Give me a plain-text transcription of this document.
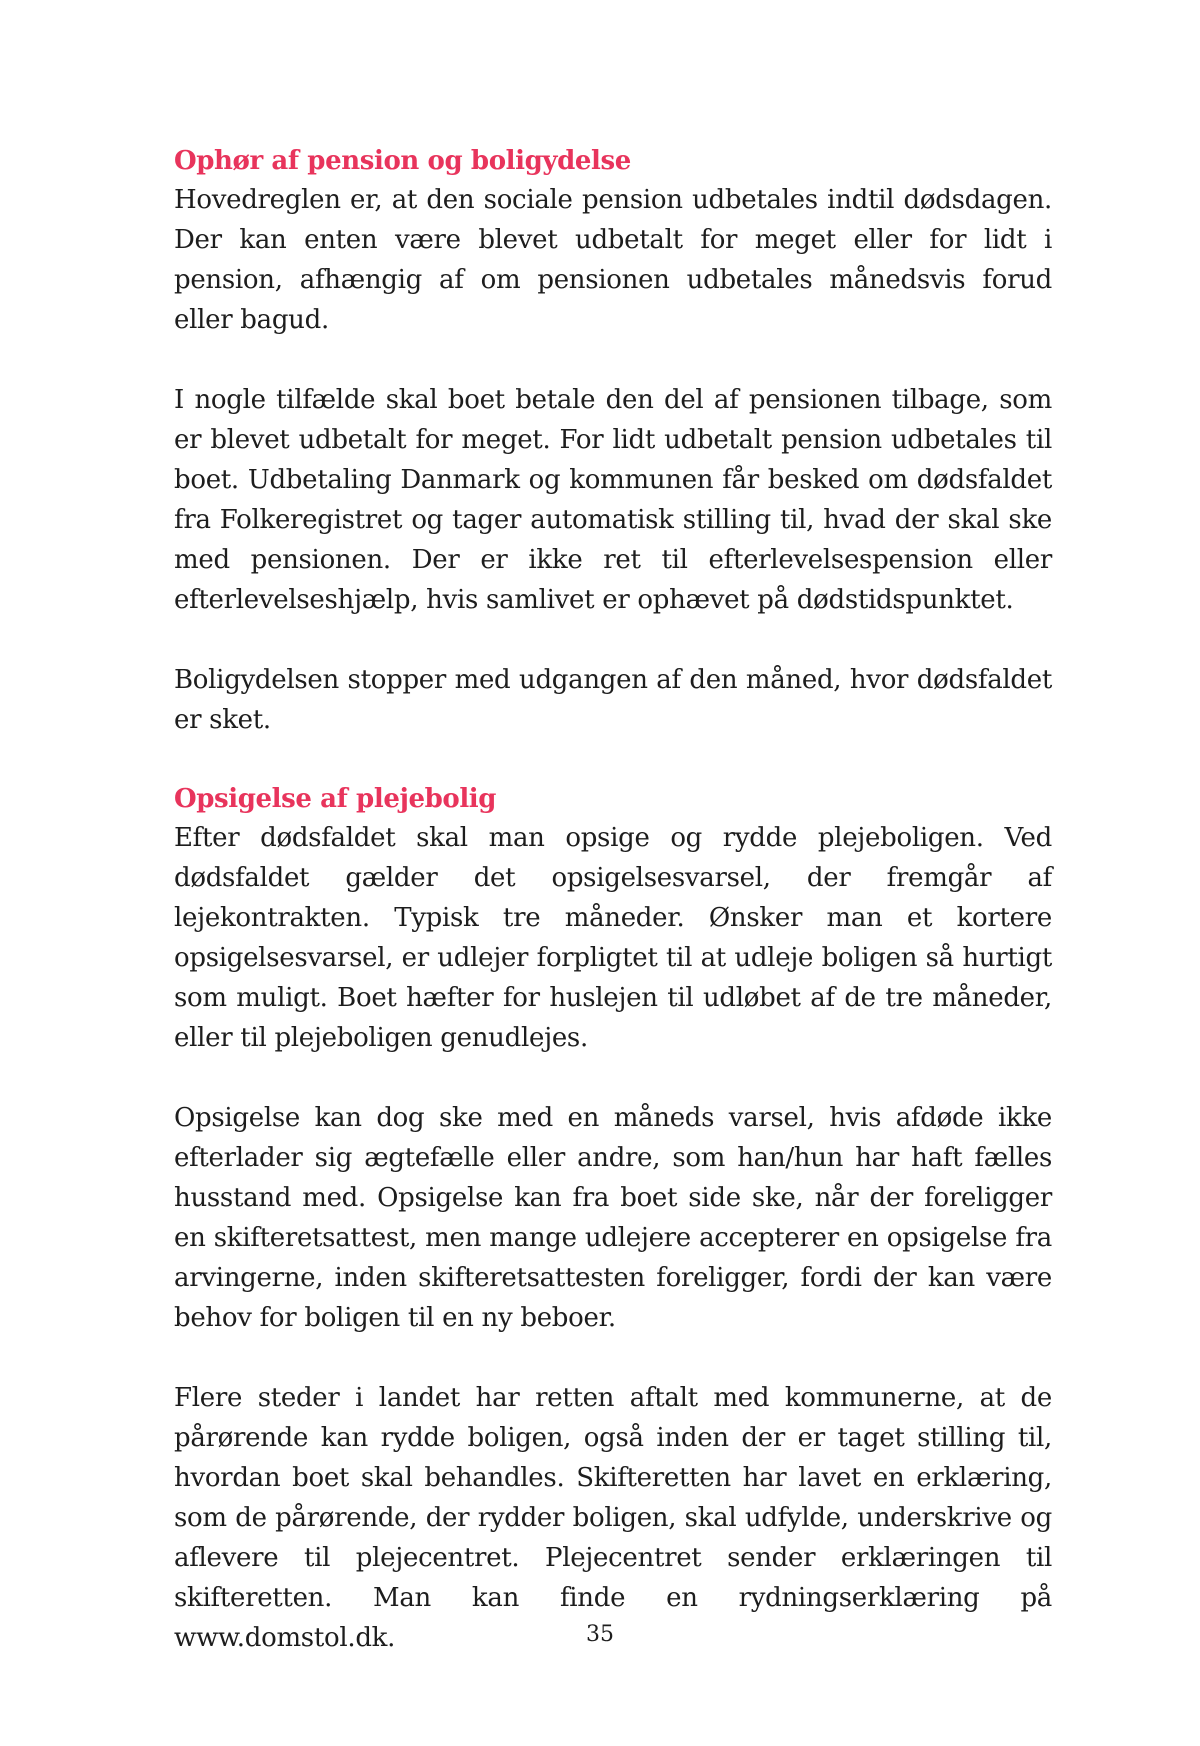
Ophør af pension og boligydelse

Hovedreglen er, at den sociale pension udbetales indtil dødsdagen. Der kan enten være blevet udbetalt for meget eller for lidt i pension, afhængig af om pensionen udbetales månedsvis forud eller bagud.

I nogle tilfælde skal boet betale den del af pensionen tilbage, som er blevet udbetalt for meget. For lidt udbetalt pension udbetales til boet. Udbetaling Danmark og kommunen får besked om dødsfaldet fra Folkeregistret og tager automatisk stilling til, hvad der skal ske med pensionen. Der er ikke ret til efterlevelsespension eller efterlevelseshjælp, hvis samlivet er ophævet på dødstidspunktet.

Boligydelsen stopper med udgangen af den måned, hvor dødsfaldet er sket.

Opsigelse af plejebolig

Efter dødsfaldet skal man opsige og rydde plejeboligen. Ved dødsfaldet gælder det opsigelsesvarsel, der fremgår af lejekontrakten. Typisk tre måneder. Ønsker man et kortere opsigelsesvarsel, er udlejer forpligtet til at udleje boligen så hurtigt som muligt. Boet hæfter for huslejen til udløbet af de tre måneder, eller til plejeboligen genudlejes.

Opsigelse kan dog ske med en måneds varsel, hvis afdøde ikke efterlader sig ægtefælle eller andre, som han/hun har haft fælles husstand med. Opsigelse kan fra boet side ske, når der foreligger en skifteretsattest, men mange udlejere accepterer en opsigelse fra arvingerne, inden skifteretsattesten foreligger, fordi der kan være behov for boligen til en ny beboer.

Flere steder i landet har retten aftalt med kommunerne, at de pårørende kan rydde boligen, også inden der er taget stilling til, hvordan boet skal behandles. Skifteretten har lavet en erklæring, som de pårørende, der rydder boligen, skal udfylde, underskrive og aflevere til plejecentret. Plejecentret sender erklæringen til skifteretten. Man kan finde en rydningserklæring på www.domstol.dk.	35
